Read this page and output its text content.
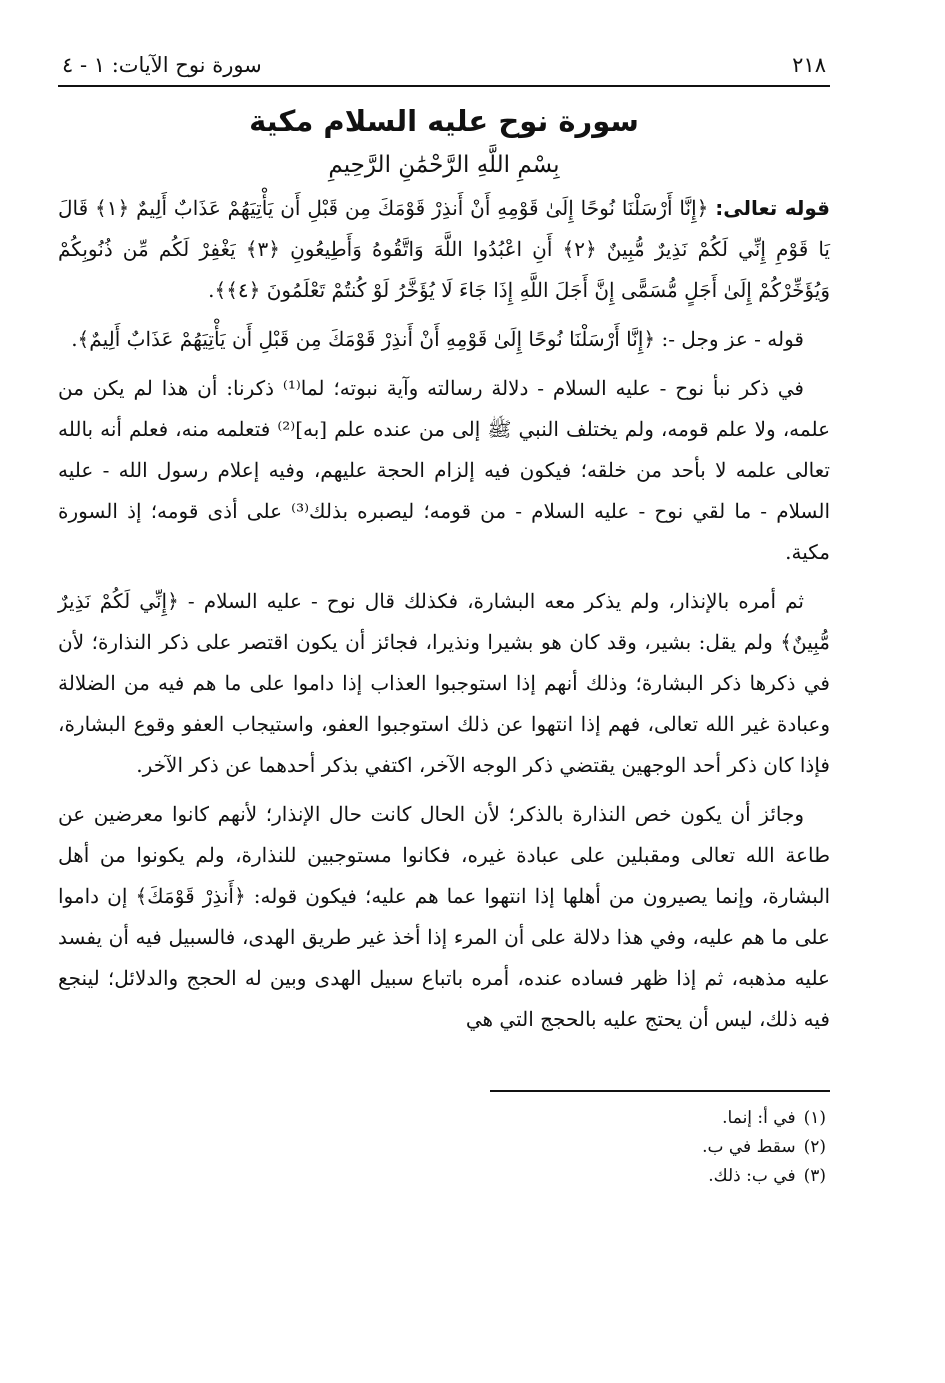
٢١٨
سورة نوح الآيات: ١ - ٤
سورة نوح عليه السلام مكية
بِسْمِ اللَّهِ الرَّحْمَٰنِ الرَّحِيمِ
قوله تعالى: ﴿إِنَّا أَرْسَلْنَا نُوحًا إِلَىٰ قَوْمِهِ أَنْ أَنذِرْ قَوْمَكَ مِن قَبْلِ أَن يَأْتِيَهُمْ عَذَابٌ أَلِيمٌ ﴿١﴾ قَالَ يَا قَوْمِ إِنِّي لَكُمْ نَذِيرٌ مُّبِينٌ ﴿٢﴾ أَنِ اعْبُدُوا اللَّهَ وَاتَّقُوهُ وَأَطِيعُونِ ﴿٣﴾ يَغْفِرْ لَكُم مِّن ذُنُوبِكُمْ وَيُؤَخِّرْكُمْ إِلَىٰ أَجَلٍ مُّسَمًّى إِنَّ أَجَلَ اللَّهِ إِذَا جَاءَ لَا يُؤَخَّرُ لَوْ كُنتُمْ تَعْلَمُونَ ﴿٤﴾﴾.

قوله - عز وجل -: ﴿إِنَّا أَرْسَلْنَا نُوحًا إِلَىٰ قَوْمِهِ أَنْ أَنذِرْ قَوْمَكَ مِن قَبْلِ أَن يَأْتِيَهُمْ عَذَابٌ أَلِيمٌ﴾.

في ذكر نبأ نوح - عليه السلام - دلالة رسالته وآية نبوته؛ لما⁽¹⁾ ذكرنا: أن هذا لم يكن من علمه، ولا علم قومه، ولم يختلف النبي ﷺ إلى من عنده علم [به]⁽²⁾ فتعلمه منه، فعلم أنه بالله تعالى علمه لا بأحد من خلقه؛ فيكون فيه إلزام الحجة عليهم، وفيه إعلام رسول الله - عليه السلام - ما لقي نوح - عليه السلام - من قومه؛ ليصبره بذلك⁽³⁾ على أذى قومه؛ إذ السورة مكية.

ثم أمره بالإنذار، ولم يذكر معه البشارة، فكذلك قال نوح - عليه السلام - ﴿إِنِّي لَكُمْ نَذِيرٌ مُّبِينٌ﴾ ولم يقل: بشير، وقد كان هو بشيرا ونذيرا، فجائز أن يكون اقتصر على ذكر النذارة؛ لأن في ذكرها ذكر البشارة؛ وذلك أنهم إذا استوجبوا العذاب إذا داموا على ما هم فيه من الضلالة وعبادة غير الله تعالى، فهم إذا انتهوا عن ذلك استوجبوا العفو، واستيجاب العفو وقوع البشارة، فإذا كان ذكر أحد الوجهين يقتضي ذكر الوجه الآخر، اكتفي بذكر أحدهما عن ذكر الآخر.

وجائز أن يكون خص النذارة بالذكر؛ لأن الحال كانت حال الإنذار؛ لأنهم كانوا معرضين عن طاعة الله تعالى ومقبلين على عبادة غيره، فكانوا مستوجبين للنذارة، ولم يكونوا من أهل البشارة، وإنما يصيرون من أهلها إذا انتهوا عما هم عليه؛ فيكون قوله: ﴿أَنذِرْ قَوْمَكَ﴾ إن داموا على ما هم عليه، وفي هذا دلالة على أن المرء إذا أخذ غير طريق الهدى، فالسبيل فيه أن يفسد عليه مذهبه، ثم إذا ظهر فساده عنده، أمره باتباع سبيل الهدى وبين له الحجج والدلائل؛ لينجع فيه ذلك، ليس أن يحتج عليه بالحجج التي هي

(١)
في أ: إنما.
(٢)
سقط في ب.
(٣)
في ب: ذلك.
